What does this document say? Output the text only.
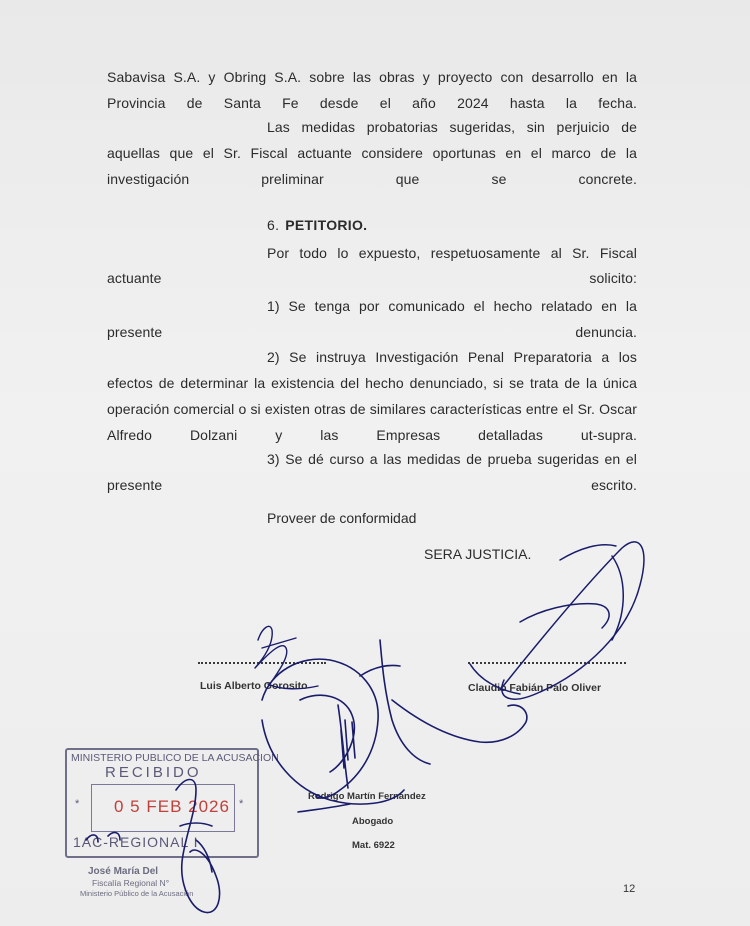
Sabavisa S.A. y Obring S.A. sobre las obras y proyecto con desarrollo en la Provincia de Santa Fe desde el año 2024 hasta la fecha.
Las medidas probatorias sugeridas, sin perjuicio de aquellas que el Sr. Fiscal actuante considere oportunas en el marco de la investigación preliminar que se concrete.
6. PETITORIO.
Por todo lo expuesto, respetuosamente al Sr. Fiscal actuante solicito:
1) Se tenga por comunicado el hecho relatado en la presente denuncia.
2) Se instruya Investigación Penal Preparatoria a los efectos de determinar la existencia del hecho denunciado, si se trata de la única operación comercial o si existen otras de similares características entre el Sr. Oscar Alfredo Dolzani y las Empresas detalladas ut-supra.
3) Se dé curso a las medidas de prueba sugeridas en el presente escrito.
Proveer de conformidad
SERA JUSTICIA.
Luis Alberto Gorosito	Claudio Fabián Palo Oliver
Rodrigo Martín Fernandez
Abogado
Mat. 6922
MINISTERIO PUBLICO DE LA ACUSACION
RECIBIDO
0 5 FEB 2026
*	*
1AC-REGIONAL I
José María Del
Fiscalía Regional N°
Ministerio Público de la Acusación	12
